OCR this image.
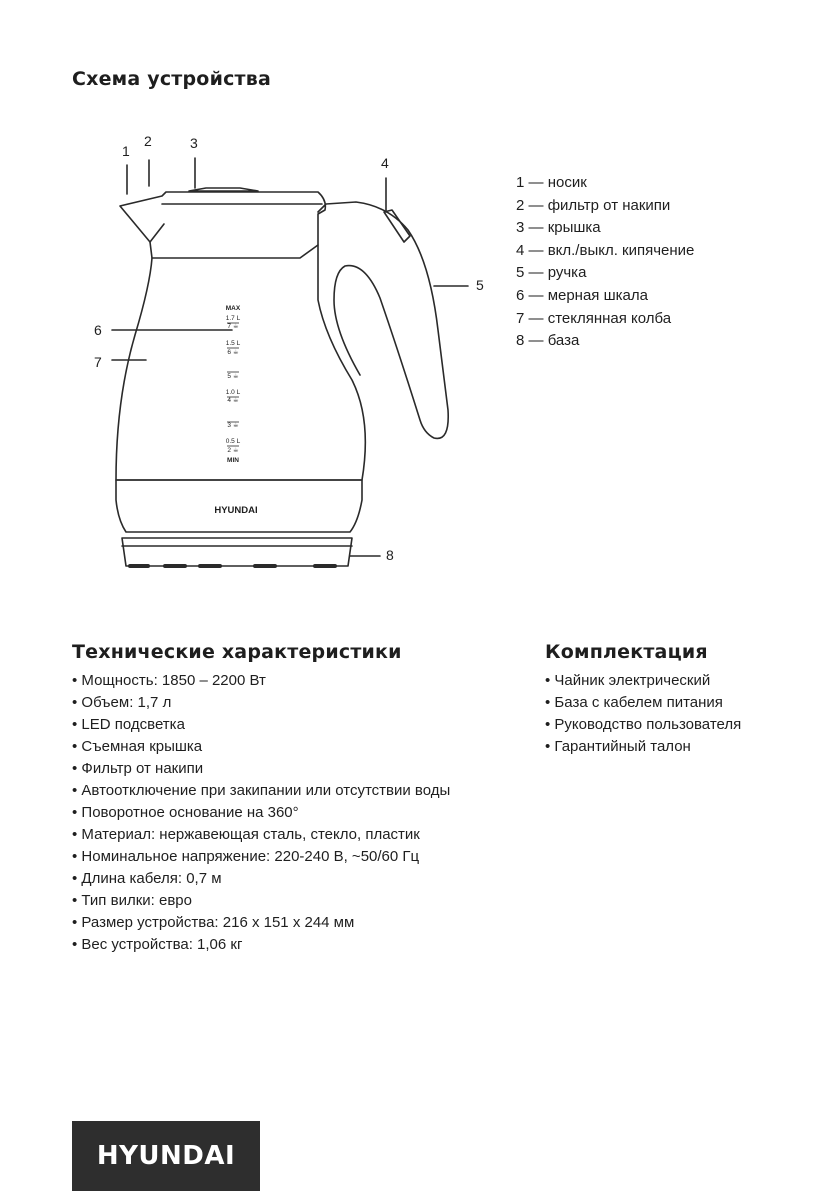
Схема устройства
1
2	3
4
5
6
7
8
MAX
1.7 L
7 ☕
1.5 L
6 ☕
5 ☕
1.0 L
4 ☕
3 ☕
0.5 L
2 ☕
MIN
HYUNDAI
1 — носик
2 — фильтр от накипи
3 — крышка
4 — вкл./выкл. кипячение
5 — ручка
6 — мерная шкала
7 — стеклянная колба
8 — база
Технические характеристики
• Мощность: 1850 – 2200 Вт
• Объем: 1,7 л
• LED подсветка
• Съемная крышка
• Фильтр от накипи
• Автоотключение при закипании или отсутствии воды
• Поворотное основание на 360°
• Материал: нержавеющая сталь, стекло, пластик
• Номинальное напряжение: 220-240 В, ~50/60 Гц
• Длина кабеля: 0,7 м
• Тип вилки: евро
• Размер устройства: 216 x 151 x 244 мм
• Вес устройства: 1,06 кг
Комплектация
• Чайник электрический
• База с кабелем питания
• Руководство пользователя
• Гарантийный талон
HYUNDAI
